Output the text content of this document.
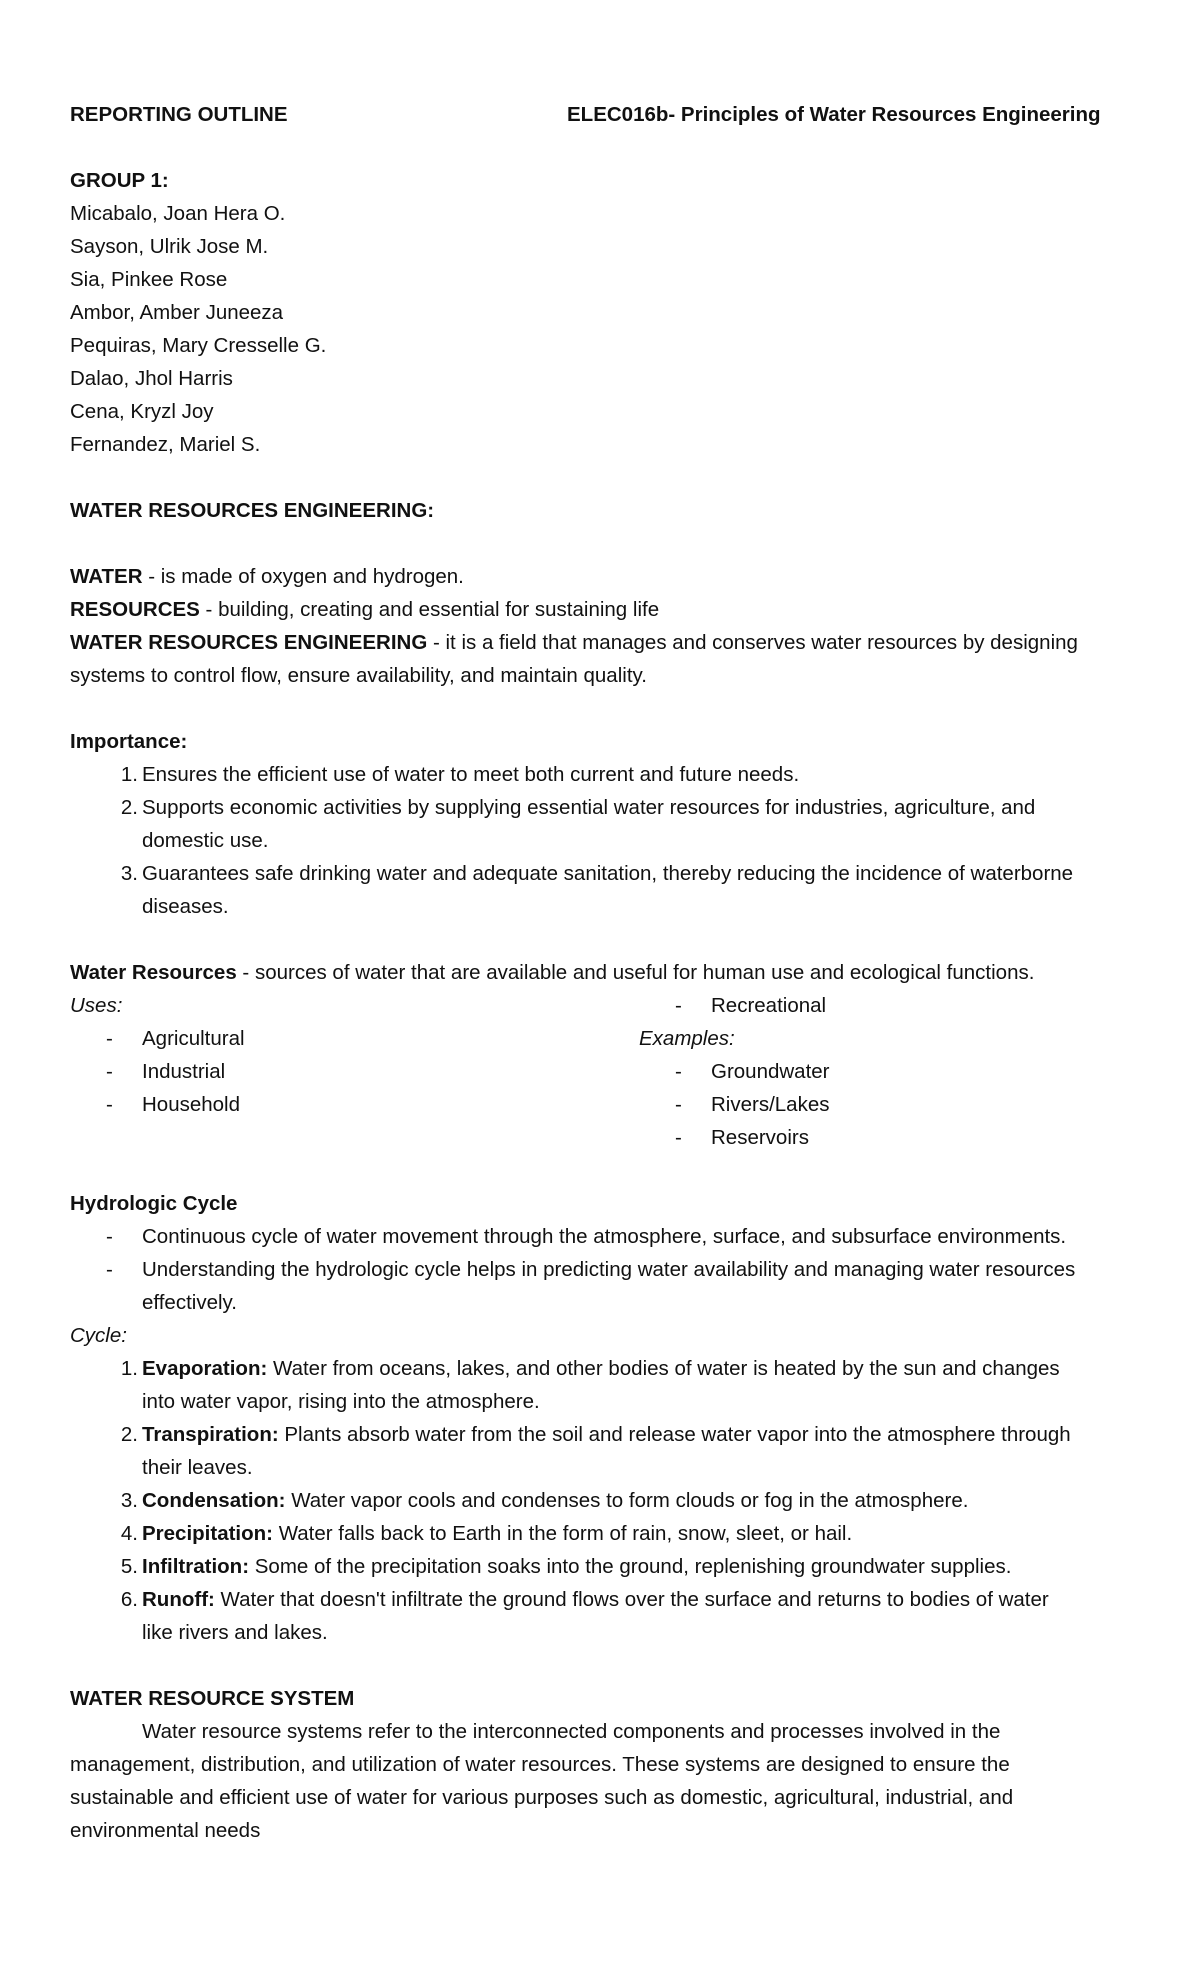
REPORTING OUTLINE	ELEC016b- Principles of Water Resources Engineering
GROUP 1:
Micabalo, Joan Hera O.
Sayson, Ulrik Jose M.
Sia, Pinkee Rose
Ambor, Amber Juneeza
Pequiras, Mary Cresselle G.
Dalao, Jhol Harris
Cena, Kryzl Joy
Fernandez, Mariel S.
WATER RESOURCES ENGINEERING:
WATER - is made of oxygen and hydrogen.
RESOURCES - building, creating and essential for sustaining life
WATER RESOURCES ENGINEERING - it is a field that manages and conserves water resources by designing
systems to control flow, ensure availability, and maintain quality.
Importance:
1. Ensures the efficient use of water to meet both current and future needs.
2. Supports economic activities by supplying essential water resources for industries, agriculture, and
domestic use.
3. Guarantees safe drinking water and adequate sanitation, thereby reducing the incidence of waterborne
diseases.
Water Resources - sources of water that are available and useful for human use and ecological functions.
Uses:
- Agricultural
- Industrial
- Household
- Recreational
Examples:
- Groundwater
- Rivers/Lakes
- Reservoirs
Hydrologic Cycle
- Continuous cycle of water movement through the atmosphere, surface, and subsurface environments.
- Understanding the hydrologic cycle helps in predicting water availability and managing water resources
effectively.
Cycle:
1. Evaporation: Water from oceans, lakes, and other bodies of water is heated by the sun and changes
into water vapor, rising into the atmosphere.
2. Transpiration: Plants absorb water from the soil and release water vapor into the atmosphere through
their leaves.
3. Condensation: Water vapor cools and condenses to form clouds or fog in the atmosphere.
4. Precipitation: Water falls back to Earth in the form of rain, snow, sleet, or hail.
5. Infiltration: Some of the precipitation soaks into the ground, replenishing groundwater supplies.
6. Runoff: Water that doesn't infiltrate the ground flows over the surface and returns to bodies of water
like rivers and lakes.
WATER RESOURCE SYSTEM
Water resource systems refer to the interconnected components and processes involved in the
management, distribution, and utilization of water resources. These systems are designed to ensure the
sustainable and efficient use of water for various purposes such as domestic, agricultural, industrial, and
environmental needs
